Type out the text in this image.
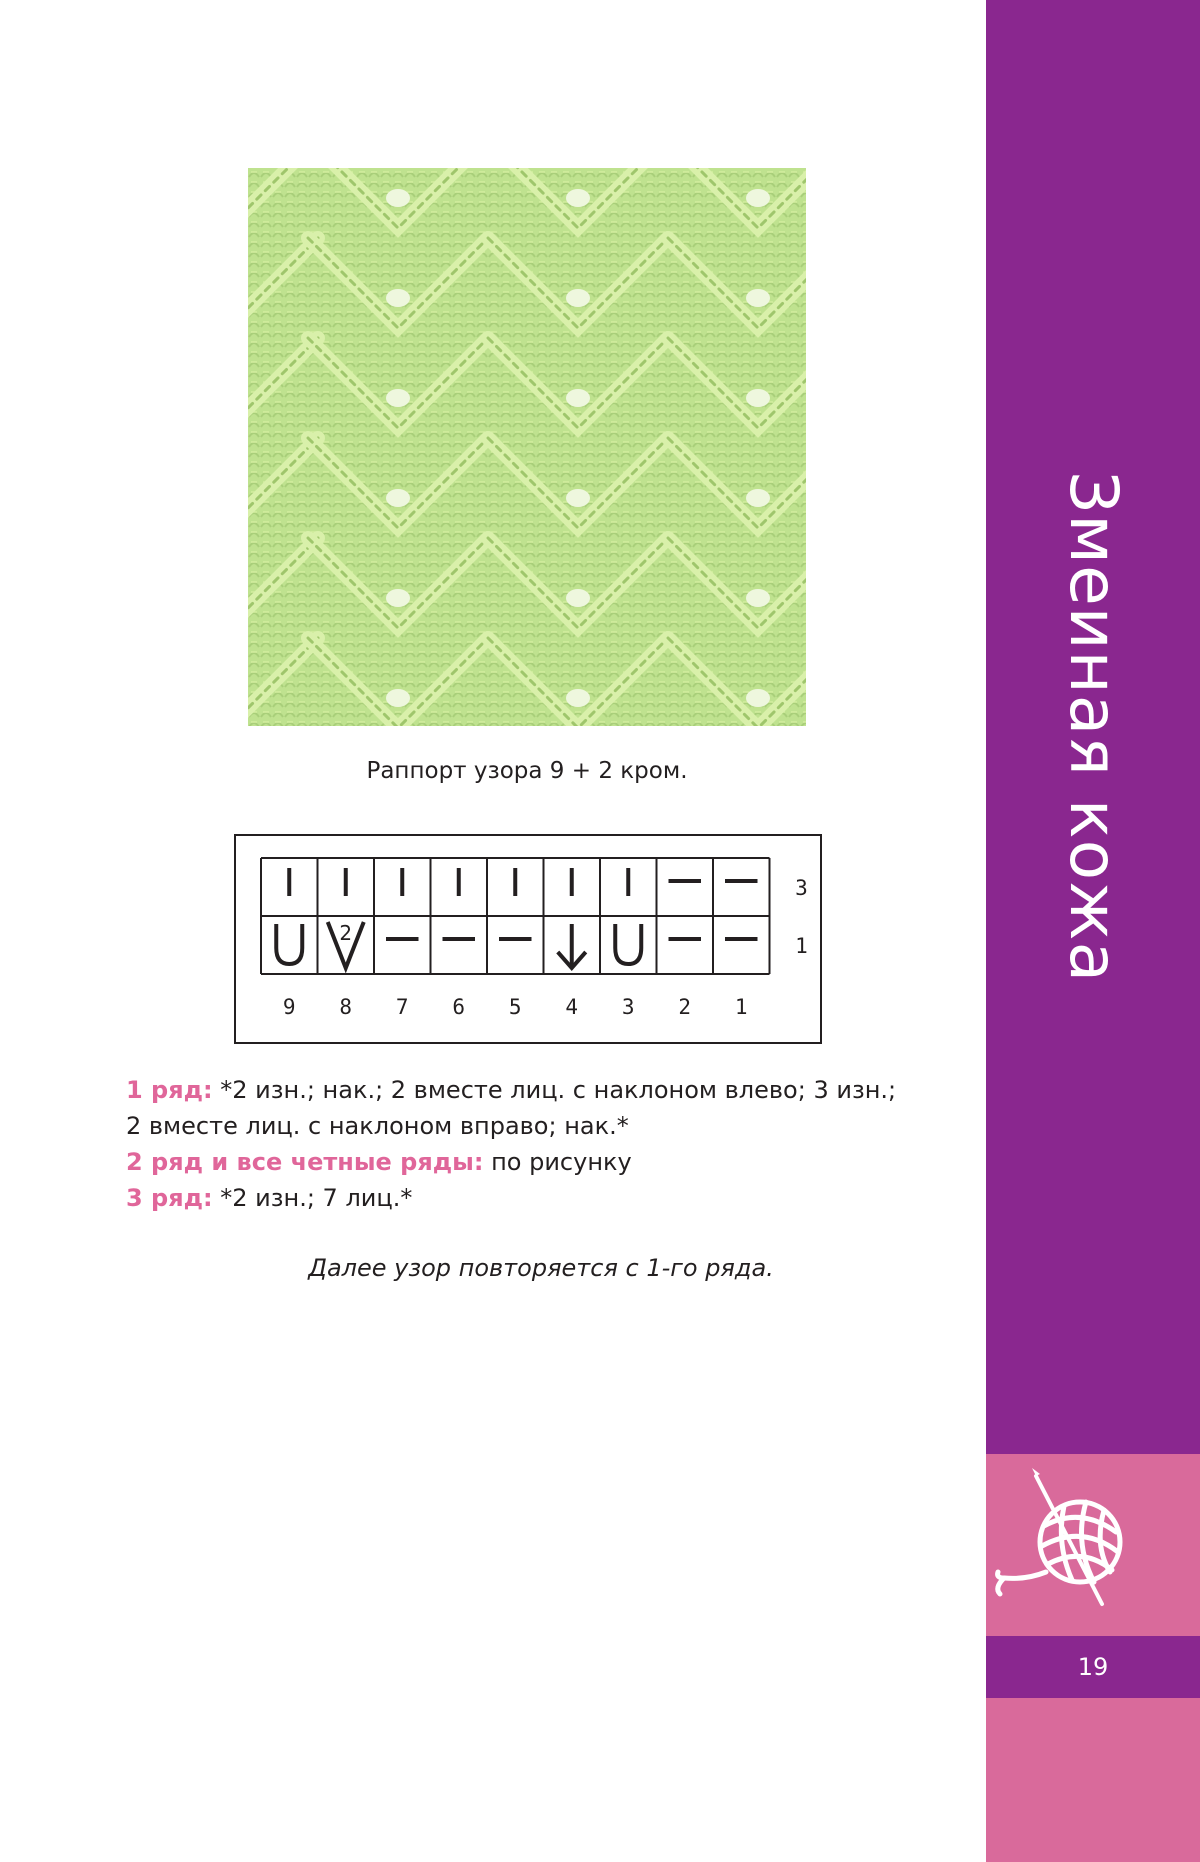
Змеиная кожа
19
Раппорт узора 9 + 2 кром.
2
3
1
9 8 7 6 5 4 3 2 1

1 ряд: *2 изн.; нак.; 2 вместе лиц. с наклоном влево; 3 изн.;

2 вместе лиц. с наклоном вправо; нак.*

2 ряд и все четные ряды: по рисунку

3 ряд: *2 изн.; 7 лиц.*

Далее узор повторяется с 1-го ряда.
